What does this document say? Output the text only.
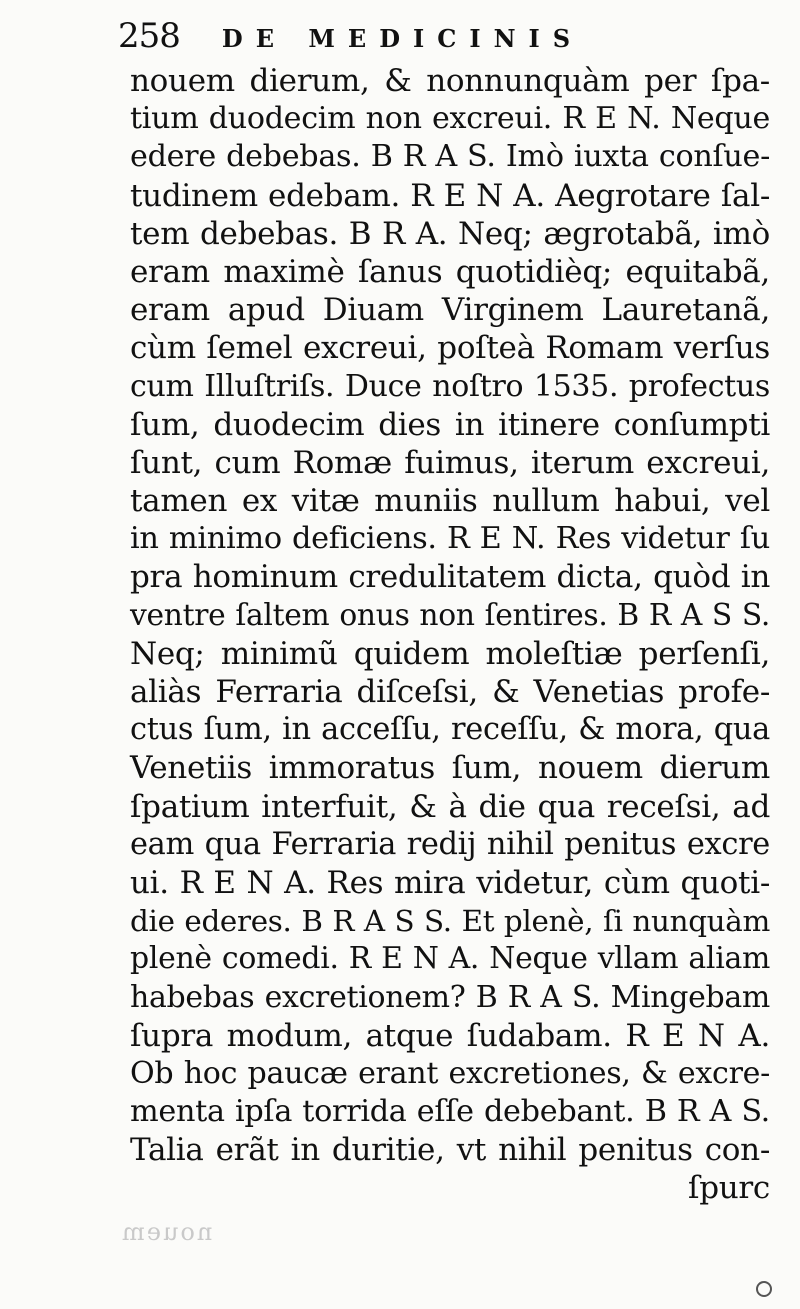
258 DE MEDICINIS
nouem dierum, & nonnunquàm per ſpa-
tium duodecim non excreui. R E N. Neque
edere debebas. B R A S. Imò iuxta conſue-
tudinem edebam. R E N A. Aegrotare ſal-
tem debebas. B R A. Neq; ægrotabã, imò
eram maximè ſanus quotidièq; equitabã,
eram apud Diuam Virginem Lauretanã,
cùm ſemel excreui, poſteà Romam verſus
cum Illuſtriſs. Duce noſtro 1535. profectus
ſum, duodecim dies in itinere conſumpti
ſunt, cum Romæ fuimus, iterum excreui,
tamen ex vitæ muniis nullum habui, vel
in minimo deficiens. R E N. Res videtur ſu
pra hominum credulitatem dicta, quòd in
ventre ſaltem onus non ſentires. B R A S S.
Neq; minimũ quidem moleſtiæ perſenſi,
aliàs Ferraria diſceſsi, & Venetias profe-
ctus ſum, in acceſſu, receſſu, & mora, qua
Venetiis immoratus ſum, nouem dierum
ſpatium interfuit, & à die qua receſsi, ad
eam qua Ferraria redij nihil penitus excre
ui. R E N A. Res mira videtur, cùm quoti-
die ederes. B R A S S. Et plenè, ſi nunquàm
plenè comedi. R E N A. Neque vllam aliam
habebas excretionem? B R A S. Mingebam
ſupra modum, atque ſudabam. R E N A.
Ob hoc paucæ erant excretiones, & excre-
menta ipſa torrida eſſe debebant. B R A S.
Talia erãt in duritie, vt nihil penitus con-
ſpurc
nouem
